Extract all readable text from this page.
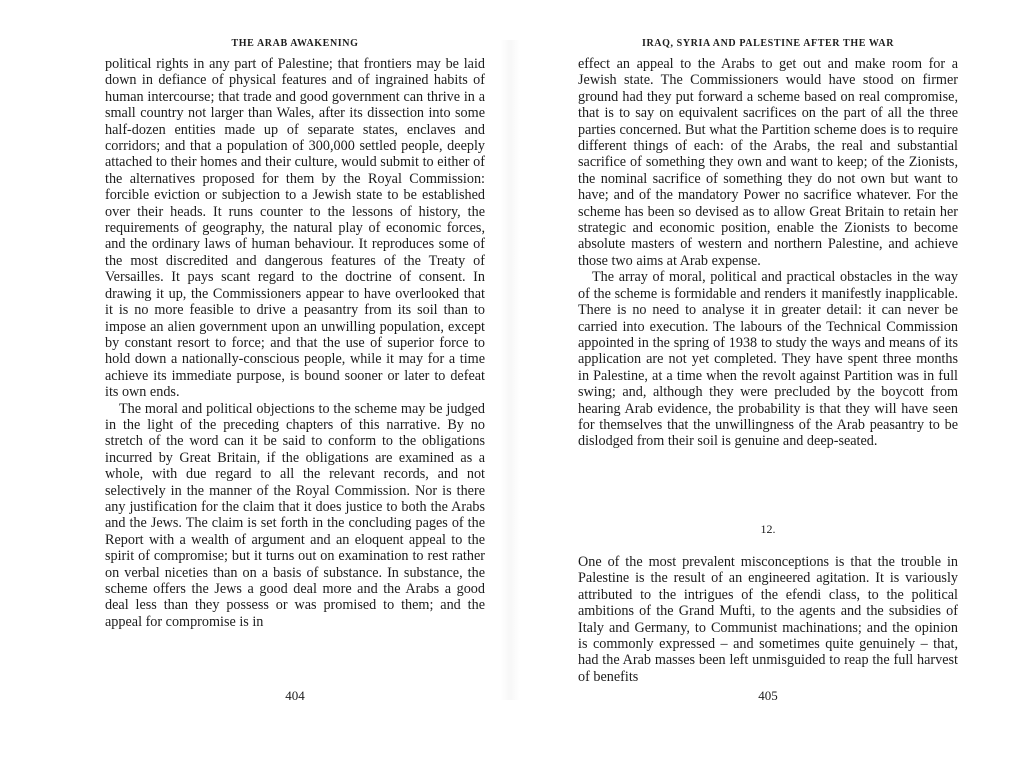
THE ARAB AWAKENING

political rights in any part of Palestine; that frontiers may be laid down in defiance of physical features and of ingrained habits of human intercourse; that trade and good government can thrive in a small country not larger than Wales, after its dissection into some half-dozen entities made up of separate states, enclaves and corridors; and that a population of 300,000 settled people, deeply attached to their homes and their culture, would submit to either of the alternatives proposed for them by the Royal Commission: forcible eviction or subjection to a Jewish state to be established over their heads. It runs counter to the lessons of history, the requirements of geography, the natural play of economic forces, and the ordinary laws of human behaviour. It reproduces some of the most discredited and dangerous features of the Treaty of Versailles. It pays scant regard to the doctrine of consent. In drawing it up, the Commissioners appear to have overlooked that it is no more feasible to drive a peasantry from its soil than to impose an alien government upon an unwilling population, except by constant resort to force; and that the use of superior force to hold down a nationally-conscious people, while it may for a time achieve its immediate purpose, is bound sooner or later to defeat its own ends.

The moral and political objections to the scheme may be judged in the light of the preceding chapters of this narrative. By no stretch of the word can it be said to conform to the obligations incurred by Great Britain, if the obligations are examined as a whole, with due regard to all the relevant records, and not selectively in the manner of the Royal Commission. Nor is there any justification for the claim that it does justice to both the Arabs and the Jews. The claim is set forth in the concluding pages of the Report with a wealth of argument and an eloquent appeal to the spirit of compromise; but it turns out on examination to rest rather on verbal niceties than on a basis of substance. In substance, the scheme offers the Jews a good deal more and the Arabs a good deal less than they possess or was promised to them; and the appeal for compromise is in

404
IRAQ, SYRIA AND PALESTINE AFTER THE WAR

effect an appeal to the Arabs to get out and make room for a Jewish state. The Commissioners would have stood on firmer ground had they put forward a scheme based on real compromise, that is to say on equivalent sacrifices on the part of all the three parties concerned. But what the Partition scheme does is to require different things of each: of the Arabs, the real and substantial sacrifice of something they own and want to keep; of the Zionists, the nominal sacrifice of something they do not own but want to have; and of the mandatory Power no sacrifice whatever. For the scheme has been so devised as to allow Great Britain to retain her strategic and economic position, enable the Zionists to become absolute masters of western and northern Palestine, and achieve those two aims at Arab expense.

The array of moral, political and practical obstacles in the way of the scheme is formidable and renders it manifestly inapplicable. There is no need to analyse it in greater detail: it can never be carried into execution. The labours of the Technical Commission appointed in the spring of 1938 to study the ways and means of its application are not yet completed. They have spent three months in Palestine, at a time when the revolt against Partition was in full swing; and, although they were precluded by the boycott from hearing Arab evidence, the probability is that they will have seen for themselves that the unwillingness of the Arab peasantry to be dislodged from their soil is genuine and deep-seated.

12.

One of the most prevalent misconceptions is that the trouble in Palestine is the result of an engineered agitation. It is variously attributed to the intrigues of the efendi class, to the political ambitions of the Grand Mufti, to the agents and the subsidies of Italy and Germany, to Communist machinations; and the opinion is commonly expressed – and sometimes quite genuinely – that, had the Arab masses been left unmisguided to reap the full harvest of benefits

405
